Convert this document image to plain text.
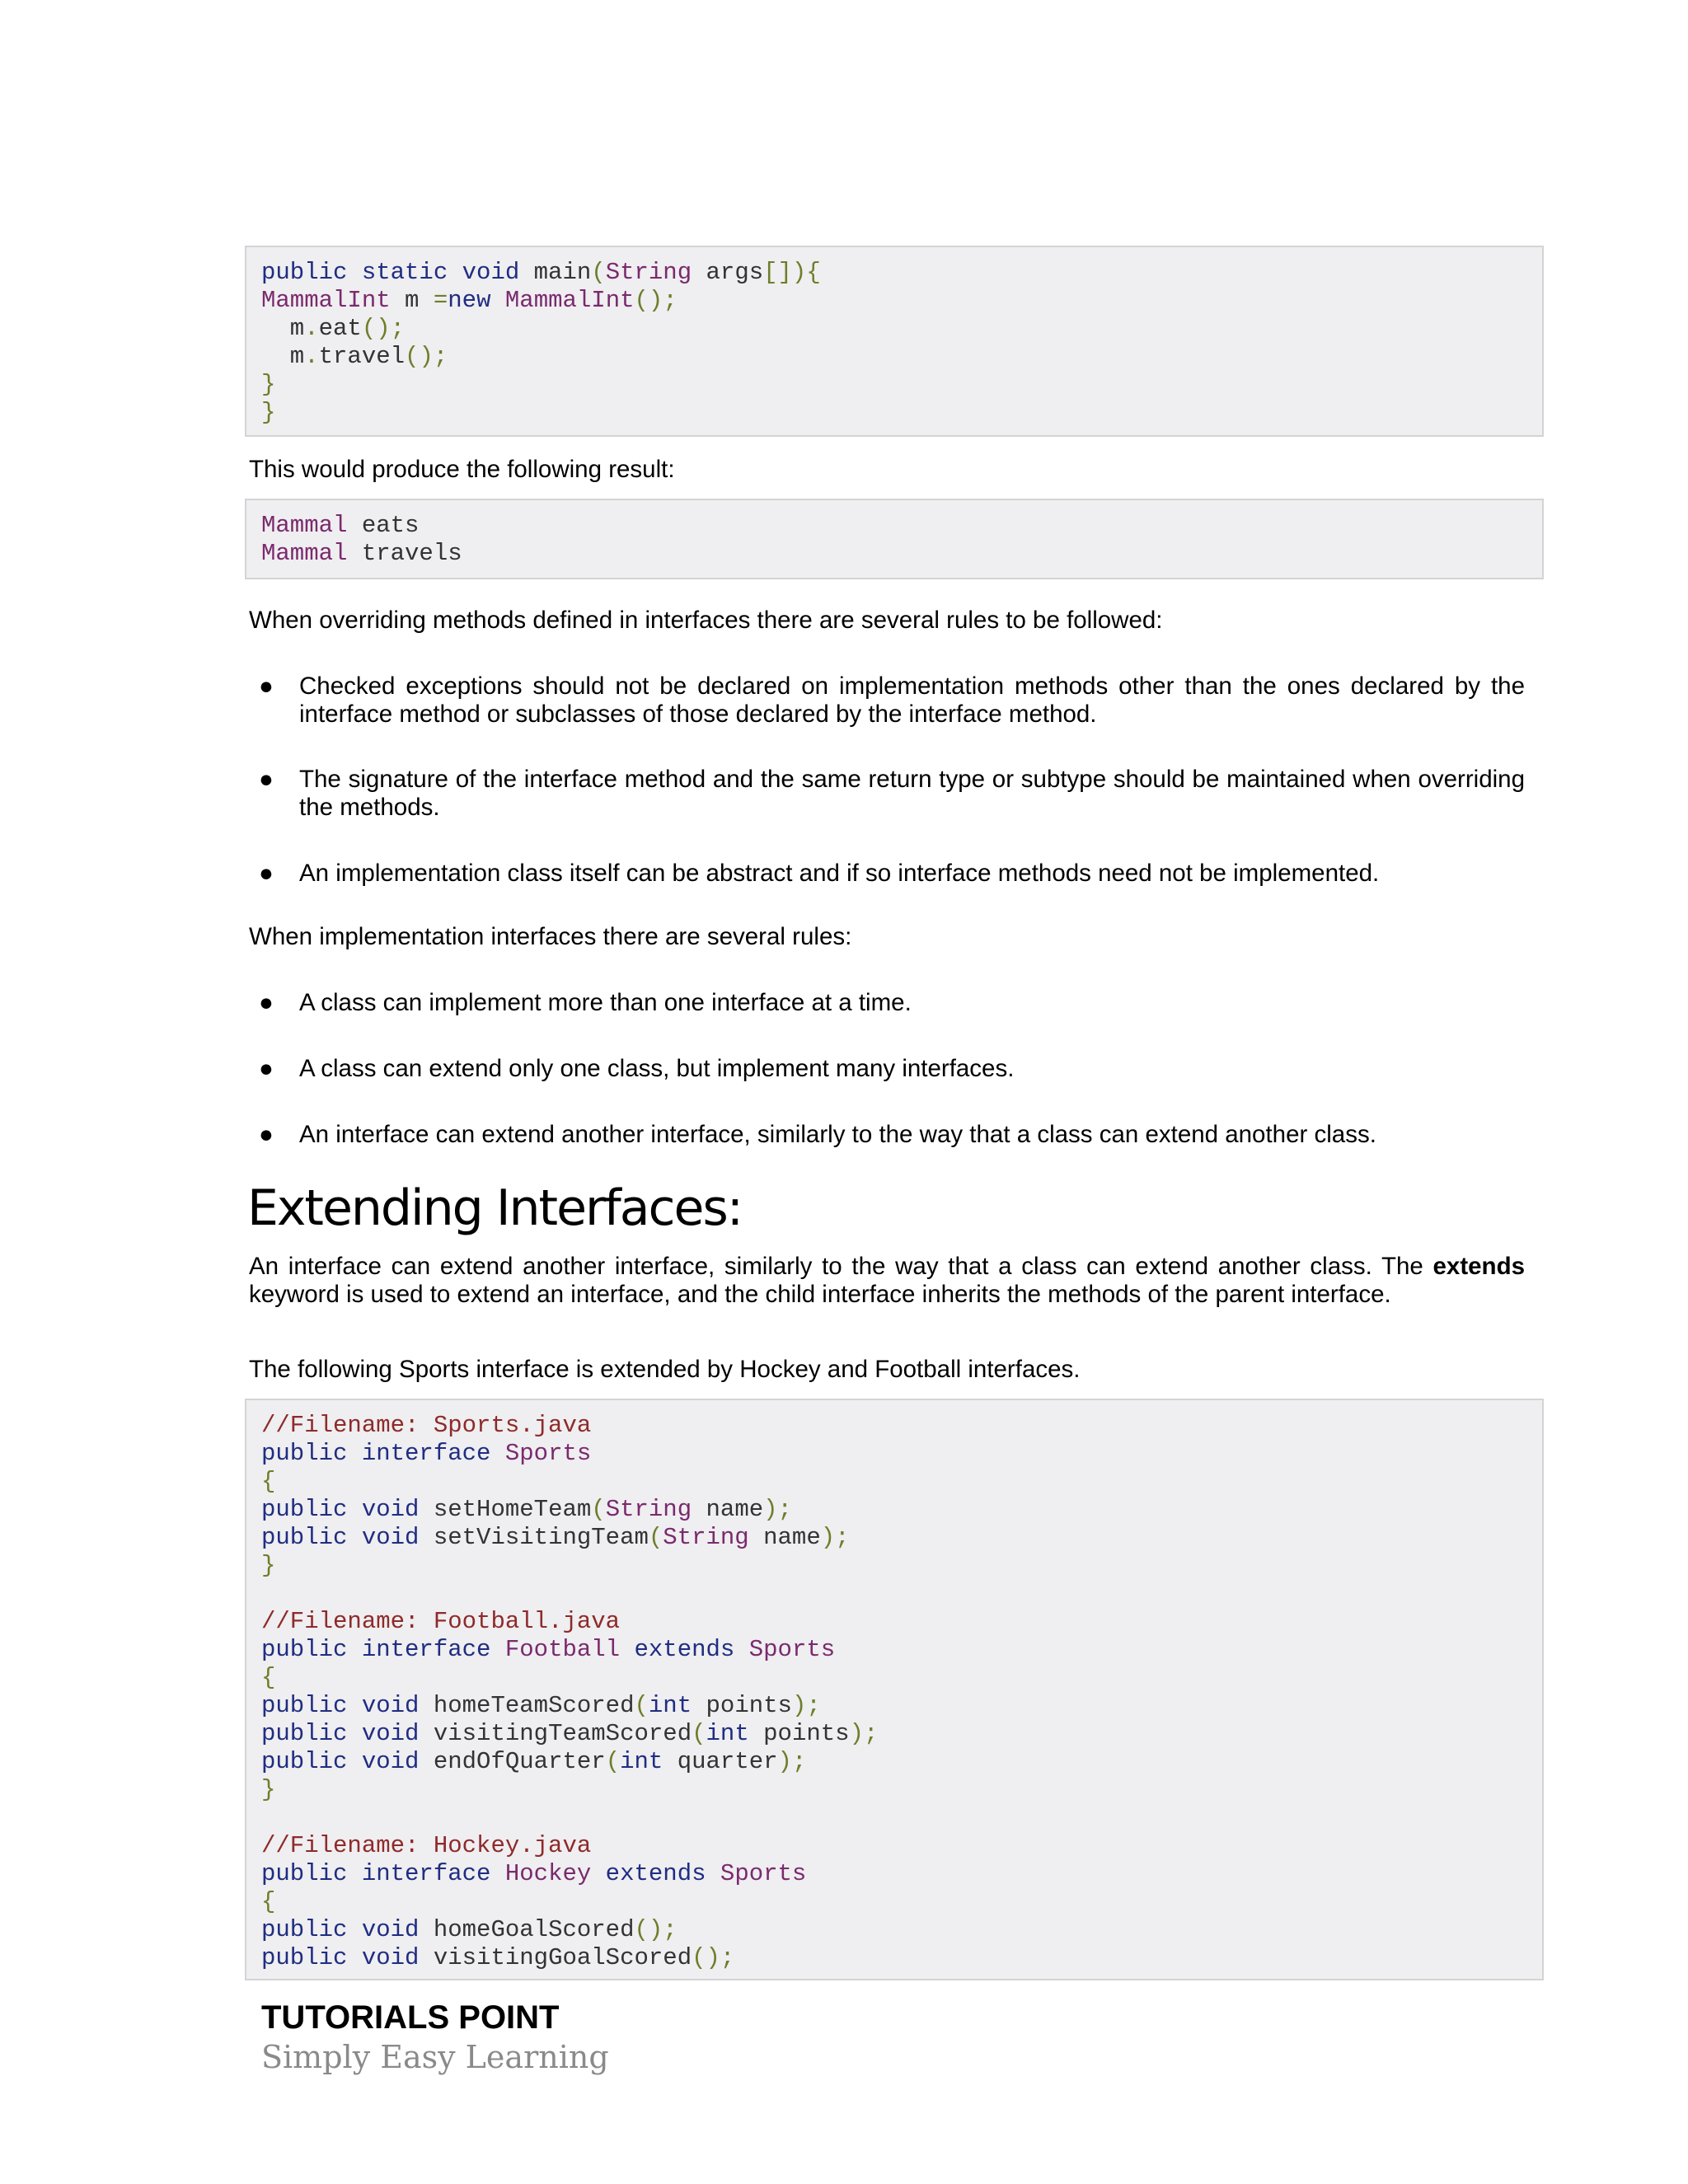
public static void main(String args[]){
MammalInt m =new MammalInt();
m.eat();
m.travel();
}
}

This would produce the following result:

Mammal eats
Mammal travels

When overriding methods defined in interfaces there are several rules to be followed:

● Checked exceptions should not be declared on implementation methods other than the ones declared by the interface method or subclasses of those declared by the interface method.
● The signature of the interface method and the same return type or subtype should be maintained when overriding the methods.
● An implementation class itself can be abstract and if so interface methods need not be implemented.

When implementation interfaces there are several rules:

● A class can implement more than one interface at a time.
● A class can extend only one class, but implement many interfaces.
● An interface can extend another interface, similarly to the way that a class can extend another class.
Extending Interfaces:

An interface can extend another interface, similarly to the way that a class can extend another class. The extends keyword is used to extend an interface, and the child interface inherits the methods of the parent interface.

The following Sports interface is extended by Hockey and Football interfaces.

//Filename: Sports.java
public interface Sports
{
public void setHomeTeam(String name);
public void setVisitingTeam(String name);
}
//Filename: Football.java
public interface Football extends Sports
{
public void homeTeamScored(int points);
public void visitingTeamScored(int points);
public void endOfQuarter(int quarter);
}
//Filename: Hockey.java
public interface Hockey extends Sports
{
public void homeGoalScored();
public void visitingGoalScored();
TUTORIALS POINT
Simply Easy Learning
